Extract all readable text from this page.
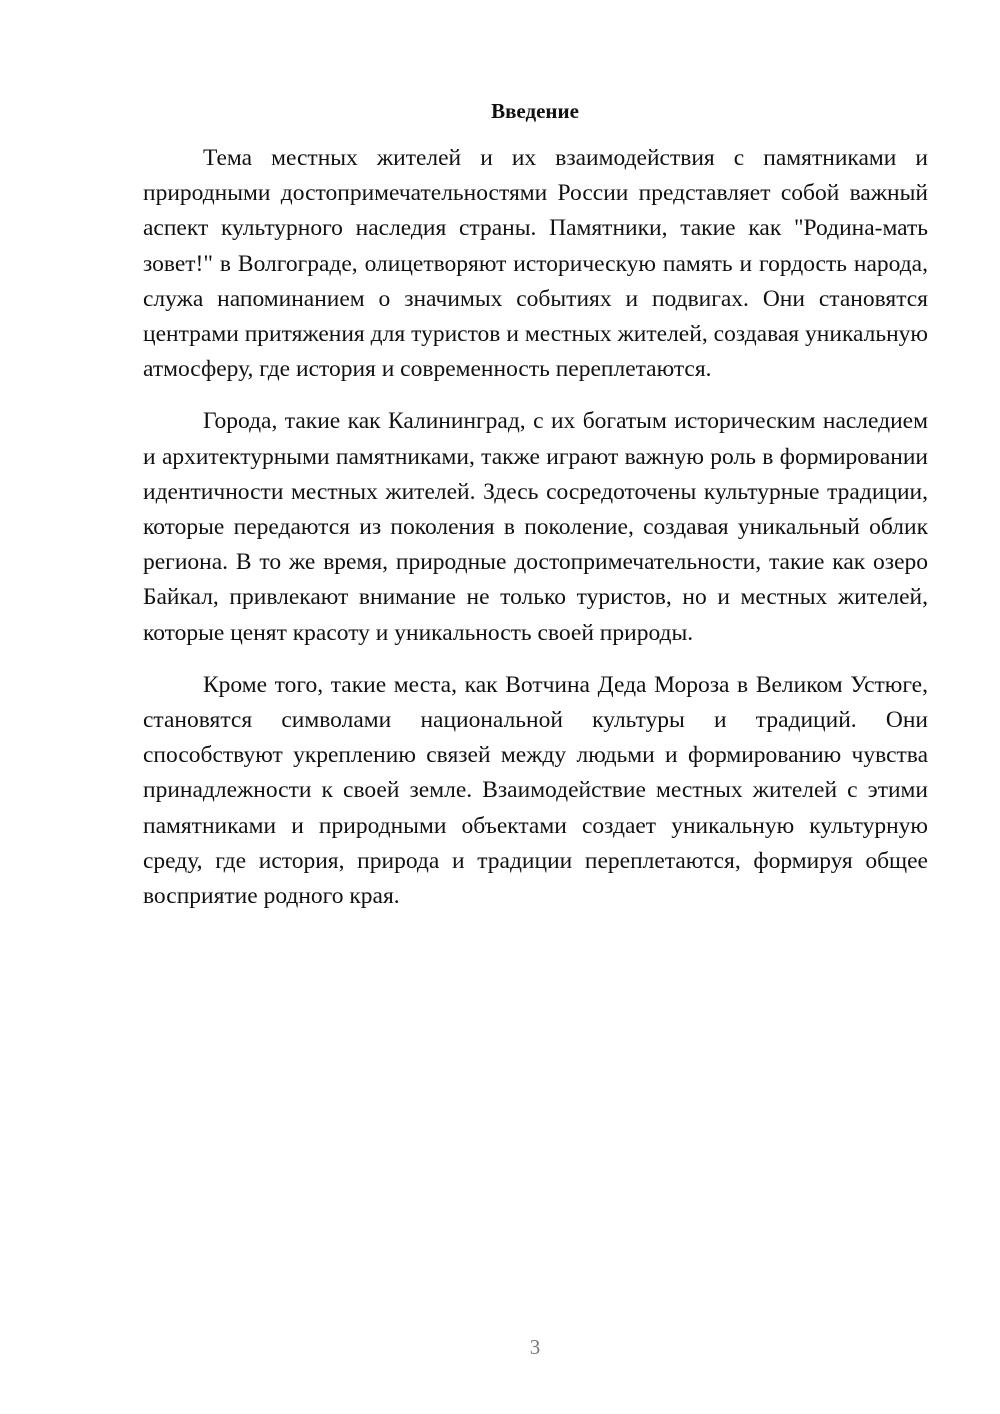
Введение

Тема местных жителей и их взаимодействия с памятниками и природными достопримечательностями России представляет собой важный аспект культурного наследия страны. Памятники, такие как "Родина-мать зовет!" в Волгограде, олицетворяют историческую память и гордость народа, служа напоминанием о значимых событиях и подвигах. Они становятся центрами притяжения для туристов и местных жителей, создавая уникальную атмосферу, где история и современность переплетаются.

Города, такие как Калининград, с их богатым историческим наследием и архитектурными памятниками, также играют важную роль в формировании идентичности местных жителей. Здесь сосредоточены культурные традиции, которые передаются из поколения в поколение, создавая уникальный облик региона. В то же время, природные достопримечательности, такие как озеро Байкал, привлекают внимание не только туристов, но и местных жителей, которые ценят красоту и уникальность своей природы.

Кроме того, такие места, как Вотчина Деда Мороза в Великом Устюге, становятся символами национальной культуры и традиций. Они способствуют укреплению связей между людьми и формированию чувства принадлежности к своей земле. Взаимодействие местных жителей с этими памятниками и природными объектами создает уникальную культурную среду, где история, природа и традиции переплетаются, формируя общее восприятие родного края.

3
